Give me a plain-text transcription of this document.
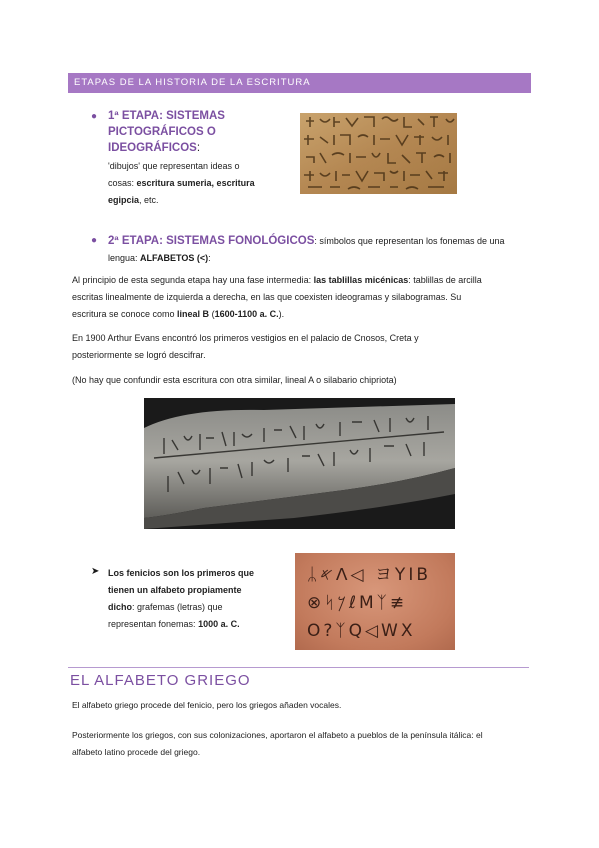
ETAPAS DE LA HISTORIA DE LA ESCRITURA
● 1ª ETAPA: SISTEMAS
PICTOGRÁFICOS O
IDEOGRÁFICOS:
'dibujos' que representan ideas o
cosas: escritura sumeria, escritura
egipcia, etc.
● 2ª ETAPA: SISTEMAS FONOLÓGICOS: símbolos que representan los fonemas de una
lengua: ALFABETOS (<):
Al principio de esta segunda etapa hay una fase intermedia: las tablillas micénicas: tablillas de arcilla
escritas linealmente de izquierda a derecha, en las que coexisten ideogramas y silabogramas. Su
escritura se conoce como lineal B (1600-1100 a. C.).
En 1900 Arthur Evans encontró los primeros vestigios en el palacio de Cnosos, Creta y
posteriormente se logró descifrar.
(No hay que confundir esta escritura con otra similar, lineal A o silabario chipriota)
➤ Los fenicios son los primeros que
tienen un alfabeto propiamente
dicho: grafemas (letras) que
representan fonemas: 1000 a. C.
ᛦ𐤀ᐱ◁ ヨYIB
⊗ᛋ𐤊ℓMᛉ≢
O?ᛉQ◁WX
EL ALFABETO GRIEGO
El alfabeto griego procede del fenicio, pero los griegos añaden vocales.
Posteriormente los griegos, con sus colonizaciones, aportaron el alfabeto a pueblos de la península itálica: el
alfabeto latino procede del griego.
